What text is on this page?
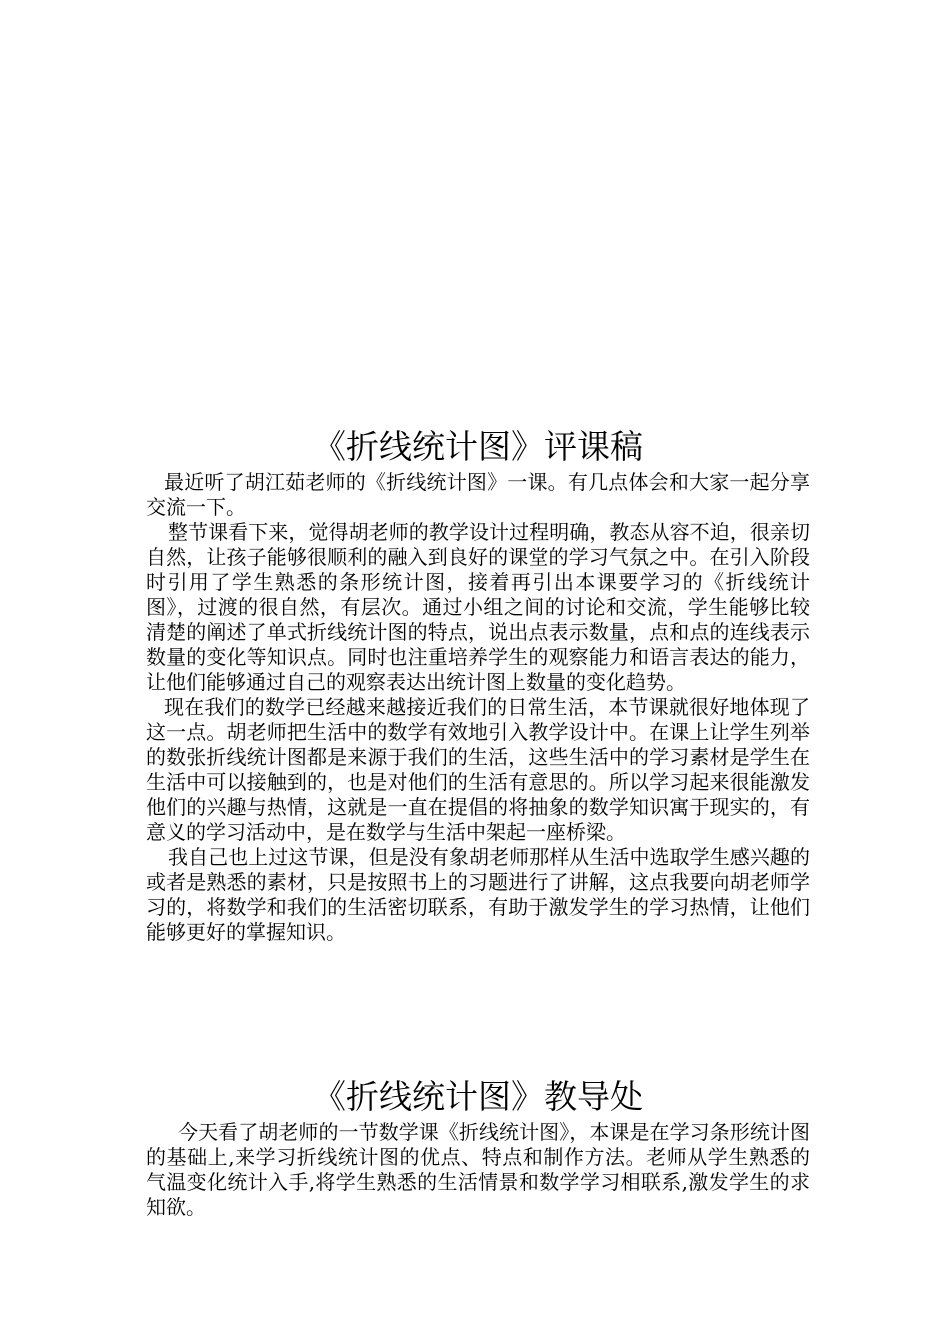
《折线统计图》评课稿

最近听了胡江茹老师的《折线统计图》一课。有几点体会和大家一起分享交流一下。

整节课看下来，觉得胡老师的教学设计过程明确，教态从容不迫，很亲切自然，让孩子能够很顺利的融入到良好的课堂的学习气氛之中。在引入阶段时引用了学生熟悉的条形统计图，接着再引出本课要学习的《折线统计图》，过渡的很自然，有层次。通过小组之间的讨论和交流，学生能够比较清楚的阐述了单式折线统计图的特点，说出点表示数量，点和点的连线表示数量的变化等知识点。同时也注重培养学生的观察能力和语言表达的能力，让他们能够通过自己的观察表达出统计图上数量的变化趋势。

现在我们的数学已经越来越接近我们的日常生活，本节课就很好地体现了这一点。胡老师把生活中的数学有效地引入教学设计中。在课上让学生列举的数张折线统计图都是来源于我们的生活，这些生活中的学习素材是学生在生活中可以接触到的，也是对他们的生活有意思的。所以学习起来很能激发他们的兴趣与热情，这就是一直在提倡的将抽象的数学知识寓于现实的，有意义的学习活动中，是在数学与生活中架起一座桥梁。

我自己也上过这节课，但是没有象胡老师那样从生活中选取学生感兴趣的或者是熟悉的素材，只是按照书上的习题进行了讲解，这点我要向胡老师学习的，将数学和我们的生活密切联系，有助于激发学生的学习热情，让他们能够更好的掌握知识。

《折线统计图》教导处

今天看了胡老师的一节数学课《折线统计图》，本课是在学习条形统计图的基础上,来学习折线统计图的优点、特点和制作方法。老师从学生熟悉的气温变化统计入手,将学生熟悉的生活情景和数学学习相联系,激发学生的求知欲。
